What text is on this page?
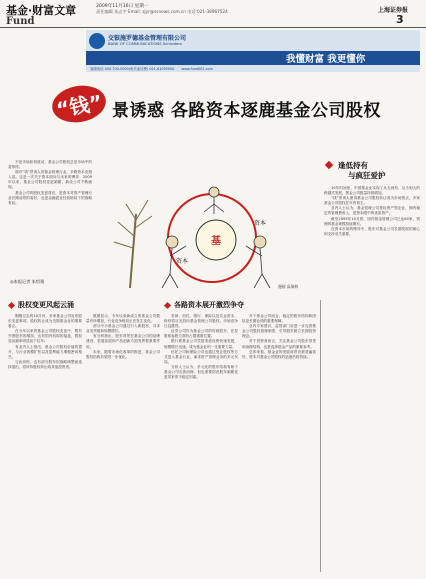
基金·财富文章
Fund
2009年11月16日 星期一
责任编辑 朱志宇 Email: zjyr@ssnews.com.cn 电话:021-38967524	上海证券报
3
交银施罗德基金管理有限公司
BANK OF COMMUNICATIONS Schroders
我懂财富 我更懂你
客服电话 400-700-5000(免长途话费) 021-61055000 www.fund001.com
“钱” 景诱惑 各路资本逐鹿基金公司股权

不论市场如何波动，基金公司股权总是市场中的香饽饽。

面对“钱”景诱人的基金管理行业，多路资本竞相入局。这是一次关于资本面向与未来的博弈：2009年以来，基金公司股权变更频繁，新设公司不断涌现。

基金公司的股权变更背后，是资本对资产管理行业长期前景的看好，也是金融混业经营格局下的战略布局。

◎本报记者 朱绍翔
基
资本
资本
漫画 高瑞林
逢低持有
与疯狂爱护

10年时间里，中国基金业实现了从无到有、从小到大的跨越式发展，基金公司数量持续增加。

“钱”景诱人使得基金公司股权转让成为市场热点，多家基金公司股权在年内易主。

业内人士认为，基金管理公司是轻资产型企业，拥有稳定的管理费收入，是资本眼中的优质资产。

截至2009年10月底，国内基金管理公司已达60家，管理的基金规模持续增长。

在资本市场的博弈中，股东对基金公司长期发展的耐心和支持至关重要。

股权变更风起云涌

刚刚过去的10月份，多家基金公司宣布股东变更事项，股权转让成为近期基金业的重要看点。

在今年以来的基金公司股权变更中，既有外资股东的增持，也有国内机构的接盘，股权变动频率明显高于往年。

有业内人士指出，基金公司股权价值的提升，与行业规模扩张以及盈利能力增强密切相关。

与此同时，也有部分股东因战略调整而选择退出，将所持股权转让给其他投资者。

数据显示，今年以来新成立的基金公司数量有所增加，行业竞争格局正在发生变化。

部分中小基金公司通过引入新股东，寻求业务突破和规模增长。

有分析指出，股东背景在基金公司的品牌建设、渠道拓展和产品创新方面发挥着重要作用。

未来，随着市场化改革的推进，基金公司股权结构有望进一步优化。

各路资本展开激烈争夺

券商、信托、银行、保险以及实业资本，纷纷将目光投向基金管理公司股权，市场竞争日趋激烈。

证券公司作为基金公司的传统股东，在控股和参股方面仍占据重要位置。

银行系基金公司凭借渠道优势快速发展，规模增长迅速，成为基金业的一支重要力量。

信托公司和保险公司也通过受让股权等方式进入基金行业，谋求资产管理业务的多元布局。

分析人士认为，多元化的股东结构有助于基金公司完善治理，但也需要防范股东频繁变更带来的不稳定因素。

对于基金公司而言，稳定的股东结构和团队是长期业绩的重要保障。

业内专家建议，监管部门应进一步完善基金公司股权管理制度，引导股东树立长期投资理念。

对于投资者而言，关注基金公司股东背景和治理结构，也是选择基金产品的重要参考。

总体来看，基金业的发展前景仍被普遍看好，资本对基金公司股权的追逐仍将持续。
